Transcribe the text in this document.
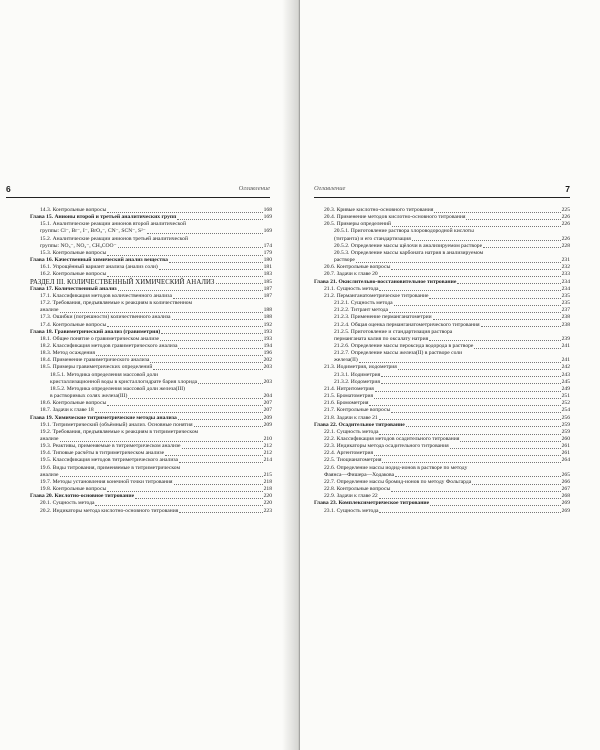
6	Оглавление
14.3. Контрольные вопросы	168
Глава 15. Анионы второй и третьей аналитических групп	169
15.1. Аналитические реакции анионов второй аналитической
группы: Cl⁻, Br⁻, I⁻, BrO₃⁻, CN⁻, SCN⁻, S²⁻	169
15.2. Аналитические реакции анионов третьей аналитической
группы: NO₃⁻, NO₂⁻, CH₃COO⁻	174
15.3. Контрольные вопросы	179
Глава 16. Качественный химический анализ вещества	180
16.1. Упрощённый вариант анализа (анализ соли)	181
16.2. Контрольные вопросы	183
РАЗДЕЛ III. КОЛИЧЕСТВЕННЫЙ ХИМИЧЕСКИЙ АНАЛИЗ	185
Глава 17. Количественный анализ	187
17.1. Классификация методов количественного анализа	187
17.2. Требования, предъявляемые к реакциям в количественном
анализе	188
17.3. Ошибки (погрешности) количественного анализа	188
17.4. Контрольные вопросы	192
Глава 18. Гравиметрический анализ (гравиметрия)	193
18.1. Общее понятие о гравиметрическом анализе	193
18.2. Классификация методов гравиметрического анализа	194
18.3. Метод осаждения	196
18.4. Применение гравиметрического анализа	202
18.5. Примеры гравиметрических определений	203
18.5.1. Методика определения массовой доли
кристаллизационной воды в кристаллогидрате бария хлорида	203
18.5.2. Методика определения массовой доли железа(III)
в растворимых солях железа(III)	204
18.6. Контрольные вопросы	207
18.7. Задачи к главе 18	207
Глава 19. Химические титриметрические методы анализа	209
19.1. Титриметрический (объёмный) анализ. Основные понятия	209
19.2. Требования, предъявляемые к реакциям в титриметрическом
анализе	210
19.3. Реактивы, применяемые в титриметрическом анализе	212
19.4. Типовые расчёты в титриметрическом анализе	212
19.5. Классификация методов титриметрического анализа	214
19.6. Виды титрования, применяемые в титриметрическом
анализе	215
19.7. Методы установления конечной точки титрования	218
19.8. Контрольные вопросы	218
Глава 20. Кислотно-основное титрование	220
20.1. Сущность метода	220
20.2. Индикаторы метода кислотно-основного титрования	223
Оглавление	7
20.3. Кривые кислотно-основного титрования	225
20.4. Применение методов кислотно-основного титрования	226
20.5. Примеры определений	226
20.5.1. Приготовление раствора хлороводородной кислоты
(титранта) и его стандартизация	226
20.5.2. Определение массы щёлочи в анализируемом растворе	228
20.5.3. Определение массы карбоната натрия в анализируемом
растворе	231
20.6. Контрольные вопросы	232
20.7. Задачи к главе 20	233
Глава 21. Окислительно-восстановительное титрование	234
21.1. Сущность метода	234
21.2. Перманганатометрическое титрование	235
21.2.1. Сущность метода	235
21.2.2. Титрант метода	237
21.2.3. Применение перманганатометрии	238
21.2.4. Общая оценка перманганатометрического титрования	238
21.2.5. Приготовление и стандартизация раствора
перманганата калия по оксалату натрия	239
21.2.6. Определение массы пероксида водорода в растворе	241
21.2.7. Определение массы железа(II) в растворе соли
железа(II)	241
21.3. Иодиметрия, иодометрия	242
21.3.1. Иодиметрия	243
21.3.2. Иодометрия	245
21.4. Нитритометрия	249
21.5. Броматометрия	251
21.6. Бромометрия	252
21.7. Контрольные вопросы	254
21.8. Задачи к главе 21	256
Глава 22. Осадительное титрование	259
22.1. Сущность метода	259
22.2. Классификация методов осадительного титрования	260
22.3. Индикаторы метода осадительного титрования	261
22.4. Аргентометрия	261
22.5. Тиоцианатометрия	264
22.6. Определение массы иодид-ионов в растворе по методу
Фаянса—Фишера—Ходакова	265
22.7. Определение массы бромид-ионов по методу Фольгарда	266
22.8. Контрольные вопросы	267
22.9. Задачи к главе 22	268
Глава 23. Комплексиметрическое титрование	269
23.1. Сущность метода	269
